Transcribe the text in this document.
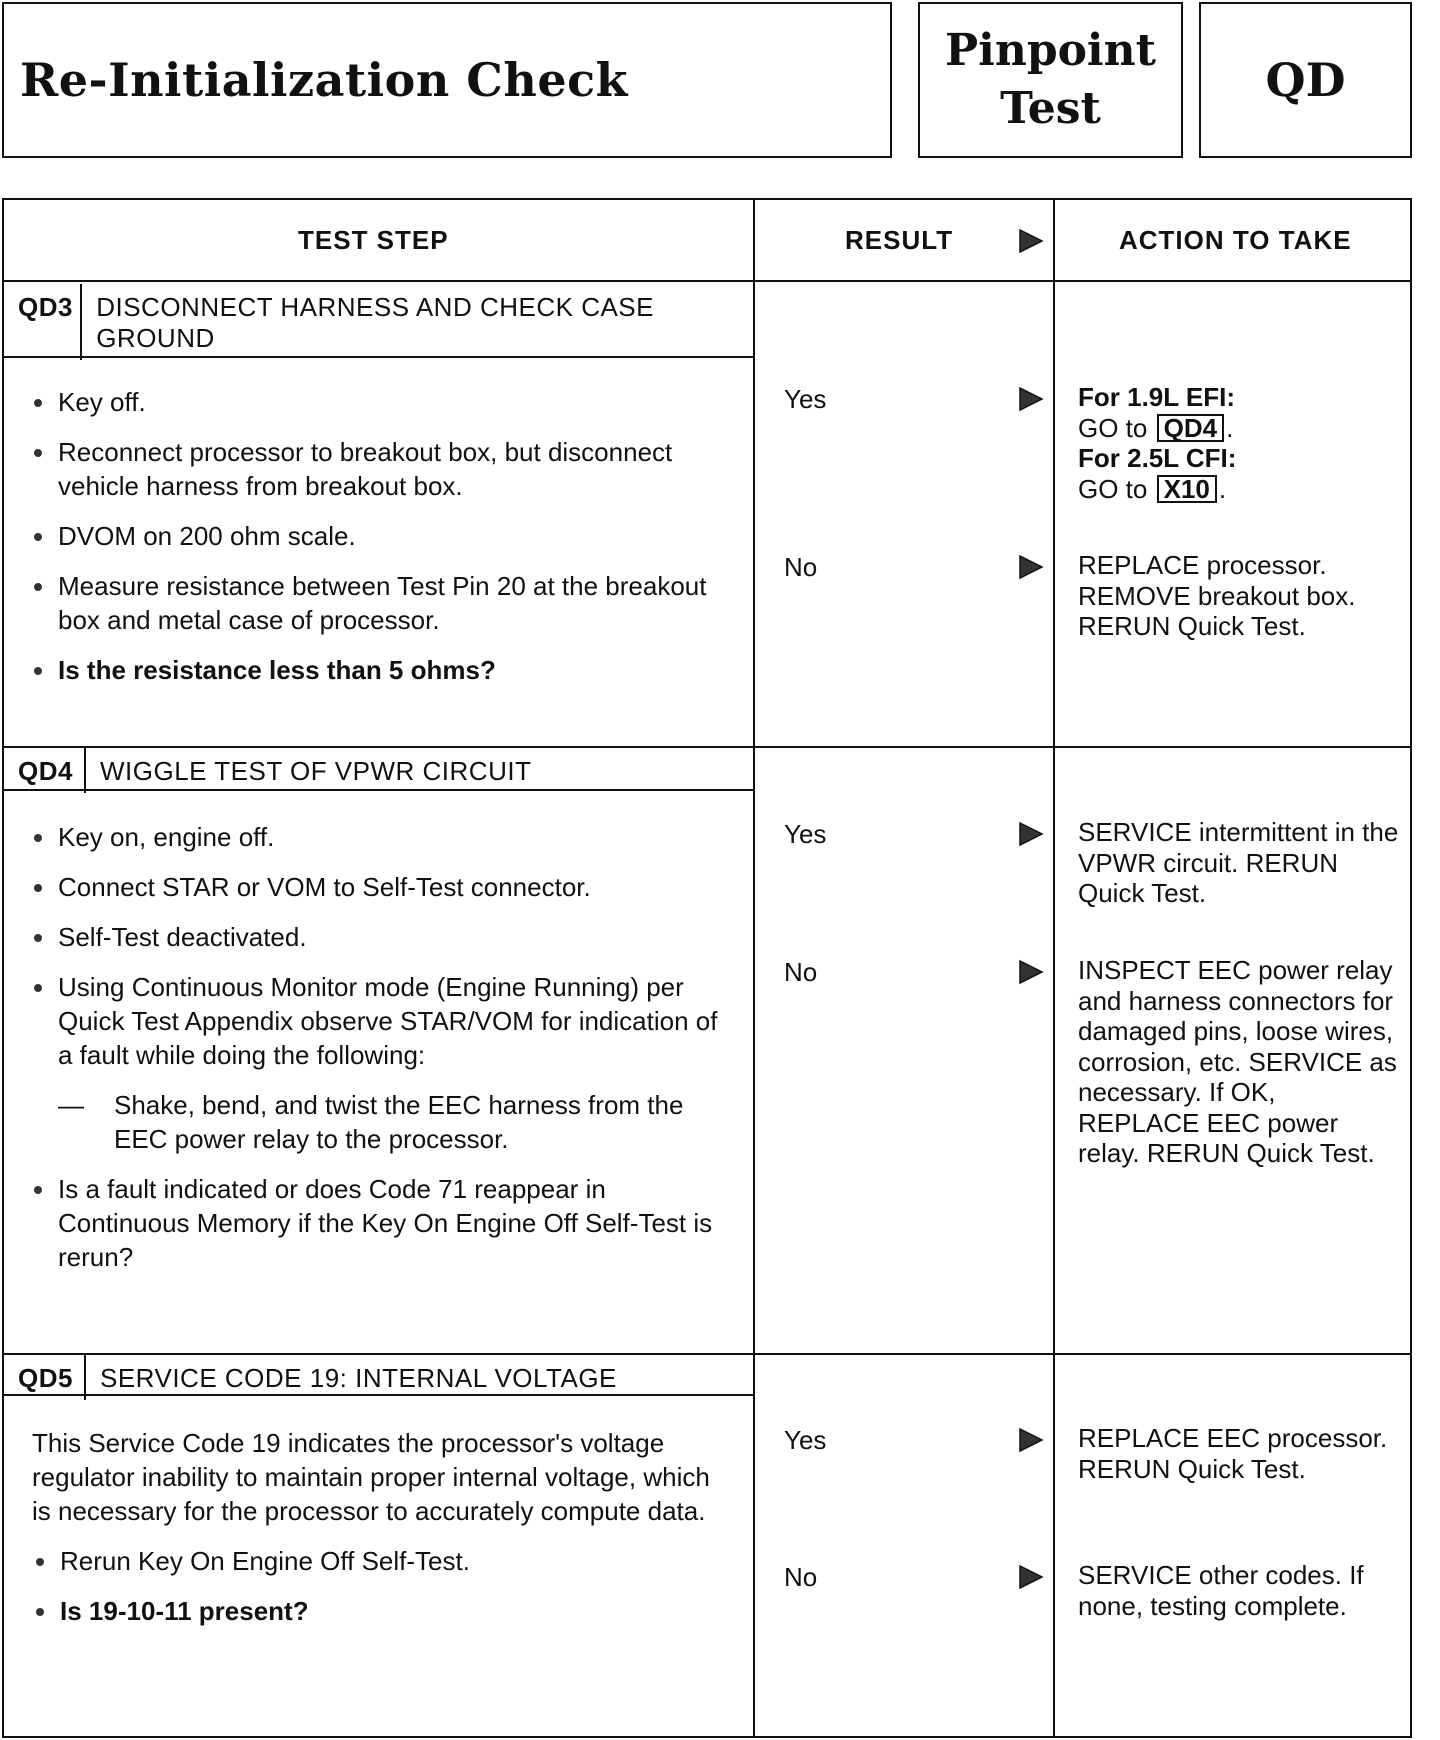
Re-Initialization Check
Pinpoint
Test
QD
TEST STEP	RESULT	ACTION TO TAKE
QD3 DISCONNECT HARNESS AND CHECK CASE GROUND
Key off.
Reconnect processor to breakout box, but disconnect vehicle harness from breakout box.
DVOM on 200 ohm scale.
Measure resistance between Test Pin 20 at the breakout box and metal case of processor.
Is the resistance less than 5 ohms?
Yes	For 1.9L EFI:
GO to QD4 .
For 2.5L CFI:
GO to X10 .
No	REPLACE processor. REMOVE breakout box. RERUN Quick Test.
QD4	WIGGLE TEST OF VPWR CIRCUIT
Key on, engine off.
Connect STAR or VOM to Self-Test connector.
Self-Test deactivated.
Using Continuous Monitor mode (Engine Running) per Quick Test Appendix observe STAR/VOM for indication of a fault while doing the following:
— Shake, bend, and twist the EEC harness from the EEC power relay to the processor.
Is a fault indicated or does Code 71 reappear in Continuous Memory if the Key On Engine Off Self-Test is rerun?
Yes	SERVICE intermittent in the VPWR circuit. RERUN Quick Test.
No	INSPECT EEC power relay and harness connectors for damaged pins, loose wires, corrosion, etc. SERVICE as necessary. If OK, REPLACE EEC power relay. RERUN Quick Test.
QD5	SERVICE CODE 19: INTERNAL VOLTAGE
This Service Code 19 indicates the processor's voltage regulator inability to maintain proper internal voltage, which is necessary for the processor to accurately compute data.
Rerun Key On Engine Off Self-Test.
Is 19-10-11 present?
Yes	REPLACE EEC processor. RERUN Quick Test.
No	SERVICE other codes. If none, testing complete.
